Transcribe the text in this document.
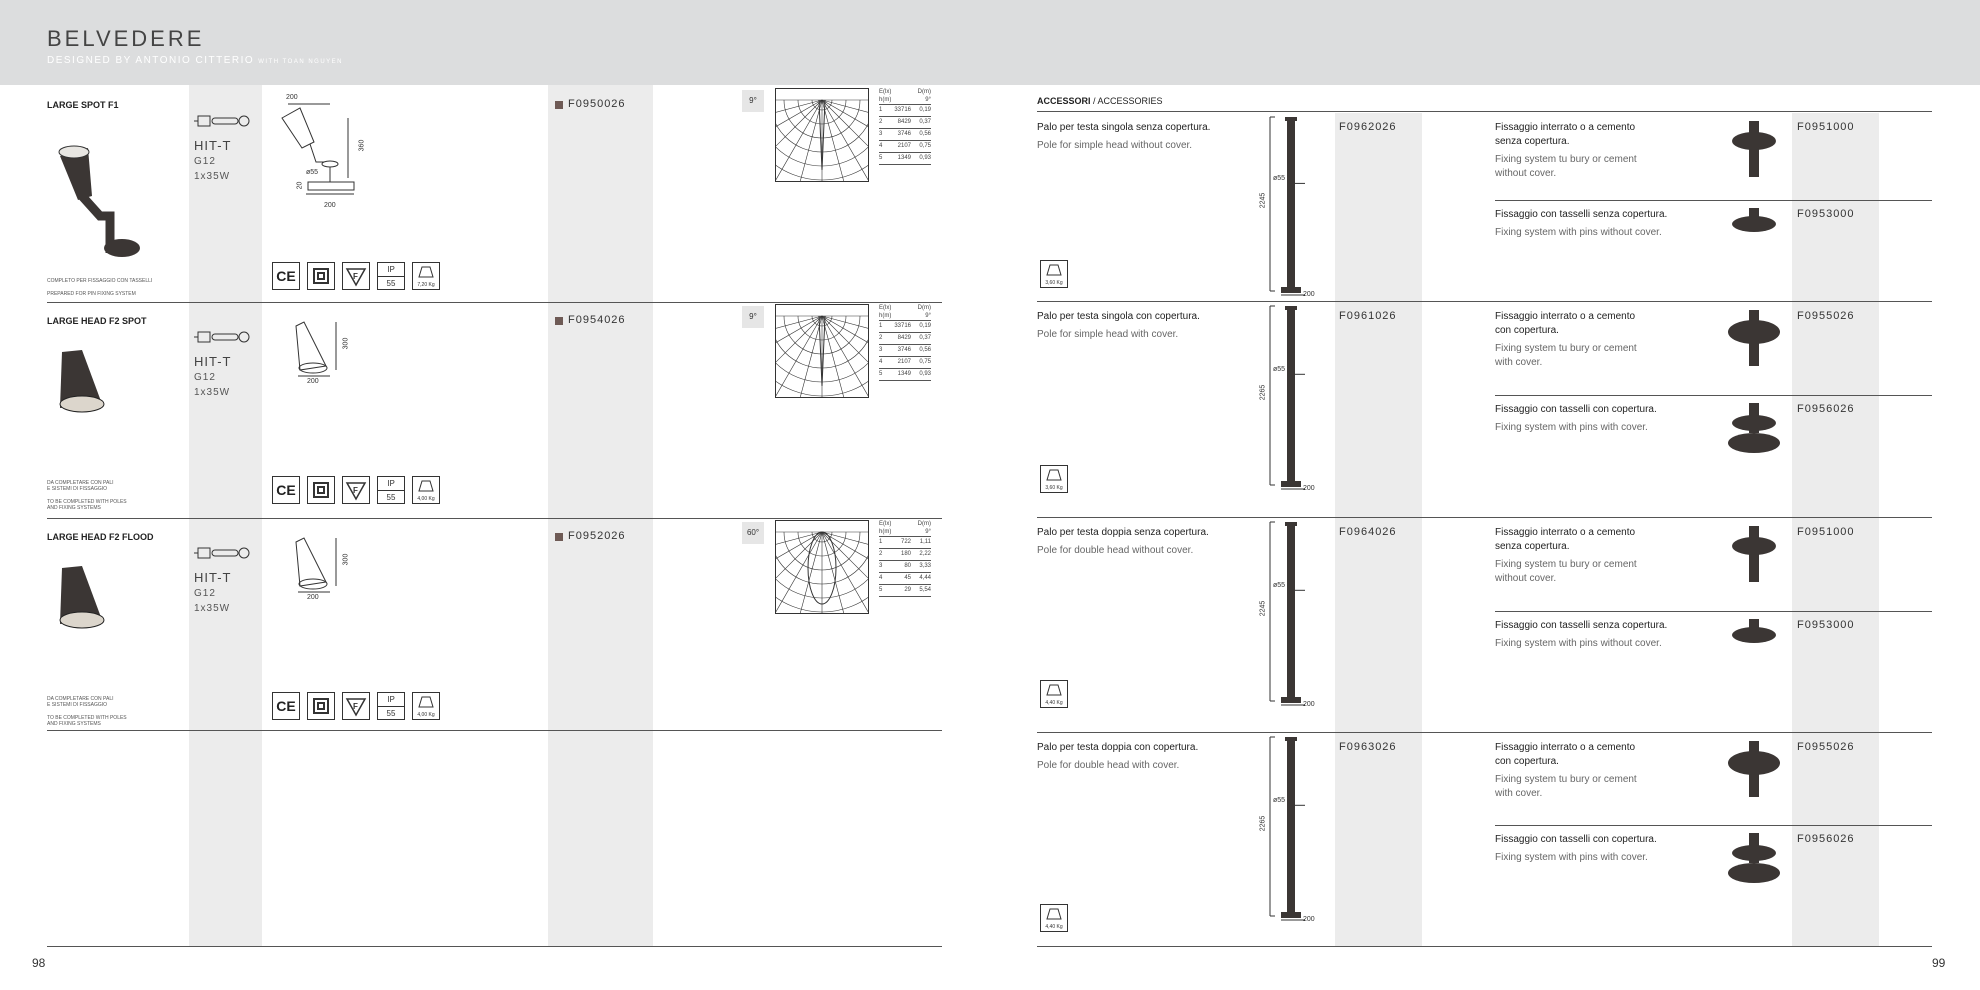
BELVEDERE
DESIGNED BY ANTONIO CITTERIO WITH TOAN NGUYEN
LARGE SPOT F1
HIT-T
G12
1x35W
200
360
ø55
20
200
COMPLETO PER FISSAGGIO CON TASSELLI
PREPARED FOR PIN FIXING SYSTEM
CE	F
IP
55	7,20 Kg
F0950026	9°
E(lx)	D(m)
h(m)	9°
1	33716	0,19
2	8429	0,37
3	3746	0,56
4	2107	0,75
5	1349	0,93
LARGE HEAD F2 SPOT
HIT-T
G12
1x35W
300
200
DA COMPLETARE CON PALI
E SISTEMI DI FISSAGGIO
TO BE COMPLETED WITH POLES
AND FIXING SYSTEMS
CE	F
IP
55	4,00 Kg
F0954026	9°
E(lx)	D(m)
h(m)	9°
1	33716	0,19
2	8429	0,37
3	3746	0,56
4	2107	0,75
5	1349	0,93
LARGE HEAD F2 FLOOD
HIT-T
G12
1x35W
300
200
DA COMPLETARE CON PALI
E SISTEMI DI FISSAGGIO
TO BE COMPLETED WITH POLES
AND FIXING SYSTEMS
CE	F
IP
55	4,00 Kg
F0952026	60°
E(lx)	D(m)
h(m)	9°
1	722	1,11
2	180	2,22
3	80	3,33
4	45	4,44
5	29	5,54
ACCESSORI / ACCESSORIES
Palo per testa singola senza copertura.
Pole for simple head without cover.
3,60 Kg
2245
ø55
200
F0962026	Fissaggio interrato o a cemento
senza copertura.
Fixing system tu bury or cement
without cover.
F0951000
Fissaggio con tasselli senza copertura.
Fixing system with pins without cover.
F0953000
Palo per testa singola con copertura.
Pole for simple head with cover.
3,60 Kg
2265
ø55
200
F0961026	Fissaggio interrato o a cemento
con copertura.
Fixing system tu bury or cement
with cover.
F0955026
Fissaggio con tasselli con copertura.
Fixing system with pins with cover.
F0956026
Palo per testa doppia senza copertura.
Pole for double head without cover.
4,40 Kg
2245
ø55
200
F0964026	Fissaggio interrato o a cemento
senza copertura.
Fixing system tu bury or cement
without cover.
F0951000
Fissaggio con tasselli senza copertura.
Fixing system with pins without cover.
F0953000
Palo per testa doppia con copertura.
Pole for double head with cover.
4,40 Kg
2265
ø55
200
F0963026	Fissaggio interrato o a cemento
con copertura.
Fixing system tu bury or cement
with cover.
F0955026
Fissaggio con tasselli con copertura.
Fixing system with pins with cover.
F0956026
98	99
